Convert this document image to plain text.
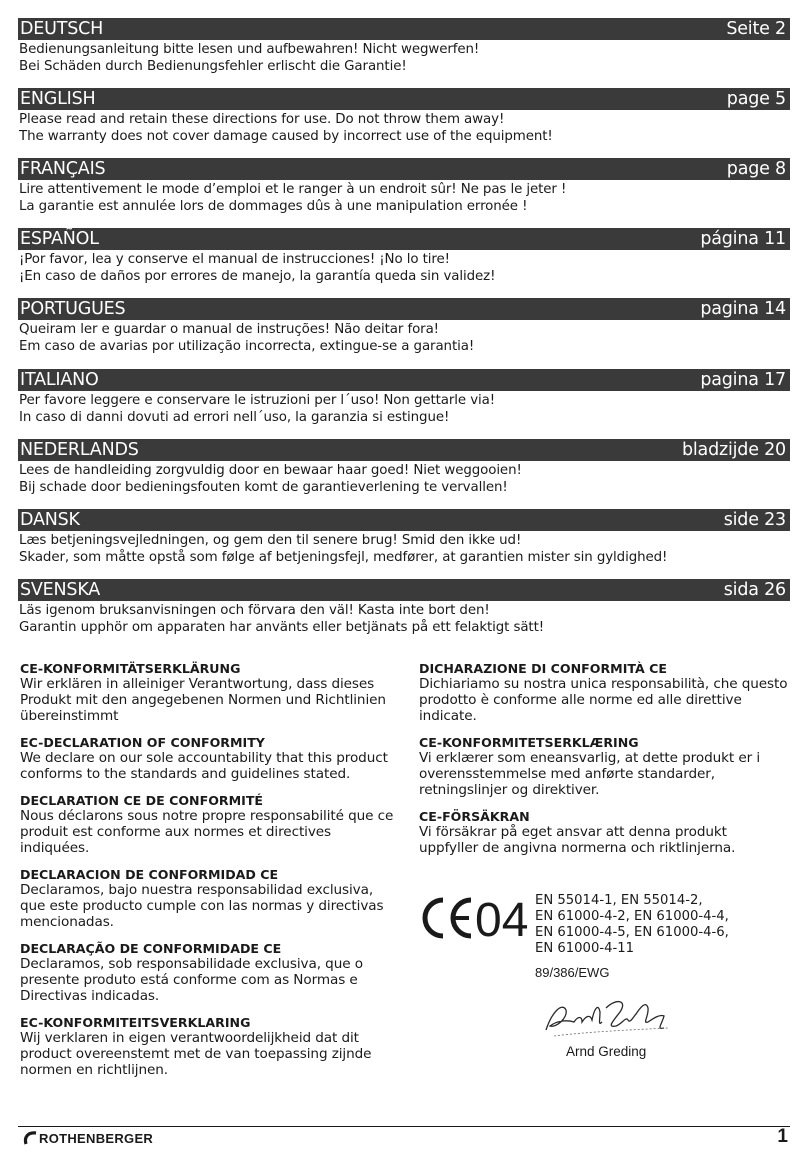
DEUTSCH	Seite 2
Bedienungsanleitung bitte lesen und aufbewahren! Nicht wegwerfen!
Bei Schäden durch Bedienungsfehler erlischt die Garantie!
ENGLISH	page 5
Please read and retain these directions for use. Do not throw them away!
The warranty does not cover damage caused by incorrect use of the equipment!
FRANÇAIS	page 8
Lire attentivement le mode d’emploi et le ranger à un endroit sûr! Ne pas le jeter !
La garantie est annulée lors de dommages dûs à une manipulation erronée !
ESPAÑOL	página 11
¡Por favor, lea y conserve el manual de instrucciones! ¡No lo tire!
¡En caso de daños por errores de manejo, la garantía queda sin validez!
PORTUGUES	pagina 14
Queiram ler e guardar o manual de instruções! Não deitar fora!
Em caso de avarias por utilização incorrecta, extingue-se a garantia!
ITALIANO	pagina 17
Per favore leggere e conservare le istruzioni per l´uso! Non gettarle via!
In caso di danni dovuti ad errori nell´uso, la garanzia si estingue!
NEDERLANDS	bladzijde 20
Lees de handleiding zorgvuldig door en bewaar haar goed! Niet weggooien!
Bij schade door bedieningsfouten komt de garantieverlening te vervallen!
DANSK	side 23
Læs betjeningsvejledningen, og gem den til senere brug! Smid den ikke ud!
Skader, som måtte opstå som følge af betjeningsfejl, medfører, at garantien mister sin gyldighed!
SVENSKA	sida 26
Läs igenom bruksanvisningen och förvara den väl! Kasta inte bort den!
Garantin upphör om apparaten har använts eller betjänats på ett felaktigt sätt!
CE-KONFORMITÄTSERKLÄRUNG

Wir erklären in alleiniger Verantwortung, dass dieses Produkt mit den angegebenen Normen und Richtlinien übereinstimmt

EC-DECLARATION OF CONFORMITY

We declare on our sole accountability that this product conforms to the standards and guidelines stated.

DECLARATION CE DE CONFORMITÉ

Nous déclarons sous notre propre responsabilité que ce produit est conforme aux normes et directives indiquées.

DECLARACION DE CONFORMIDAD CE

Declaramos, bajo nuestra responsabilidad exclusiva, que este producto cumple con las normas y directivas mencionadas.

DECLARAÇÃO DE CONFORMIDADE CE

Declaramos, sob responsabilidade exclusiva, que o presente produto está conforme com as Normas e Directivas indicadas.

EC-KONFORMITEITSVERKLARING

Wij verklaren in eigen verantwoordelijkheid dat dit product overeenstemt met de van toepassing zijnde normen en richtlijnen.

DICHARAZIONE DI CONFORMITÀ CE

Dichiariamo su nostra unica responsabilità, che questo prodotto è conforme alle norme ed alle direttive indicate.

CE-KONFORMITETSERKLÆRING

Vi erklærer som eneansvarlig, at dette produkt er i overensstemmelse med anførte standarder, retningslinjer og direktiver.

CE-FÖRSÄKRAN

Vi försäkrar på eget ansvar att denna produkt uppfyller de angivna normerna och riktlinjerna.

04 EN 55014-1, EN 55014-2,
EN 61000-4-2, EN 61000-4-4,
EN 61000-4-5, EN 61000-4-6,
EN 61000-4-11
89/386/EWG
Arnd Greding
ROTHENBERGER	1
